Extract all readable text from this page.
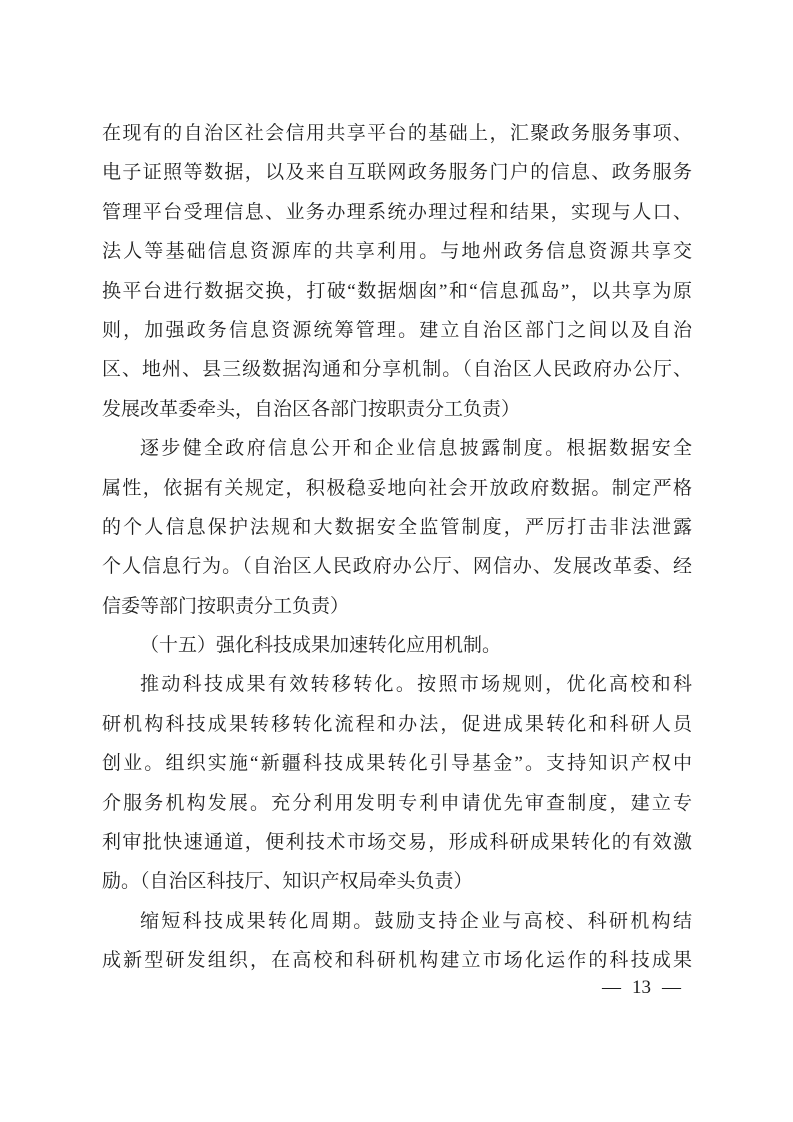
在现有的自治区社会信用共享平台的基础上，汇聚政务服务事项、
电子证照等数据，以及来自互联网政务服务门户的信息、政务服务
管理平台受理信息、业务办理系统办理过程和结果，实现与人口、
法人等基础信息资源库的共享利用。与地州政务信息资源共享交
换平台进行数据交换，打破“数据烟囱”和“信息孤岛”，以共享为原
则，加强政务信息资源统筹管理。建立自治区部门之间以及自治
区、地州、县三级数据沟通和分享机制。（自治区人民政府办公厅、
发展改革委牵头，自治区各部门按职责分工负责）
逐步健全政府信息公开和企业信息披露制度。根据数据安全
属性，依据有关规定，积极稳妥地向社会开放政府数据。制定严格
的个人信息保护法规和大数据安全监管制度，严厉打击非法泄露
个人信息行为。（自治区人民政府办公厅、网信办、发展改革委、经
信委等部门按职责分工负责）
（十五）强化科技成果加速转化应用机制。
推动科技成果有效转移转化。按照市场规则，优化高校和科
研机构科技成果转移转化流程和办法，促进成果转化和科研人员
创业。组织实施“新疆科技成果转化引导基金”。支持知识产权中
介服务机构发展。充分利用发明专利申请优先审查制度，建立专
利审批快速通道，便利技术市场交易，形成科研成果转化的有效激
励。（自治区科技厅、知识产权局牵头负责）
缩短科技成果转化周期。鼓励支持企业与高校、科研机构结
成新型研发组织，在高校和科研机构建立市场化运作的科技成果
— 13 —
